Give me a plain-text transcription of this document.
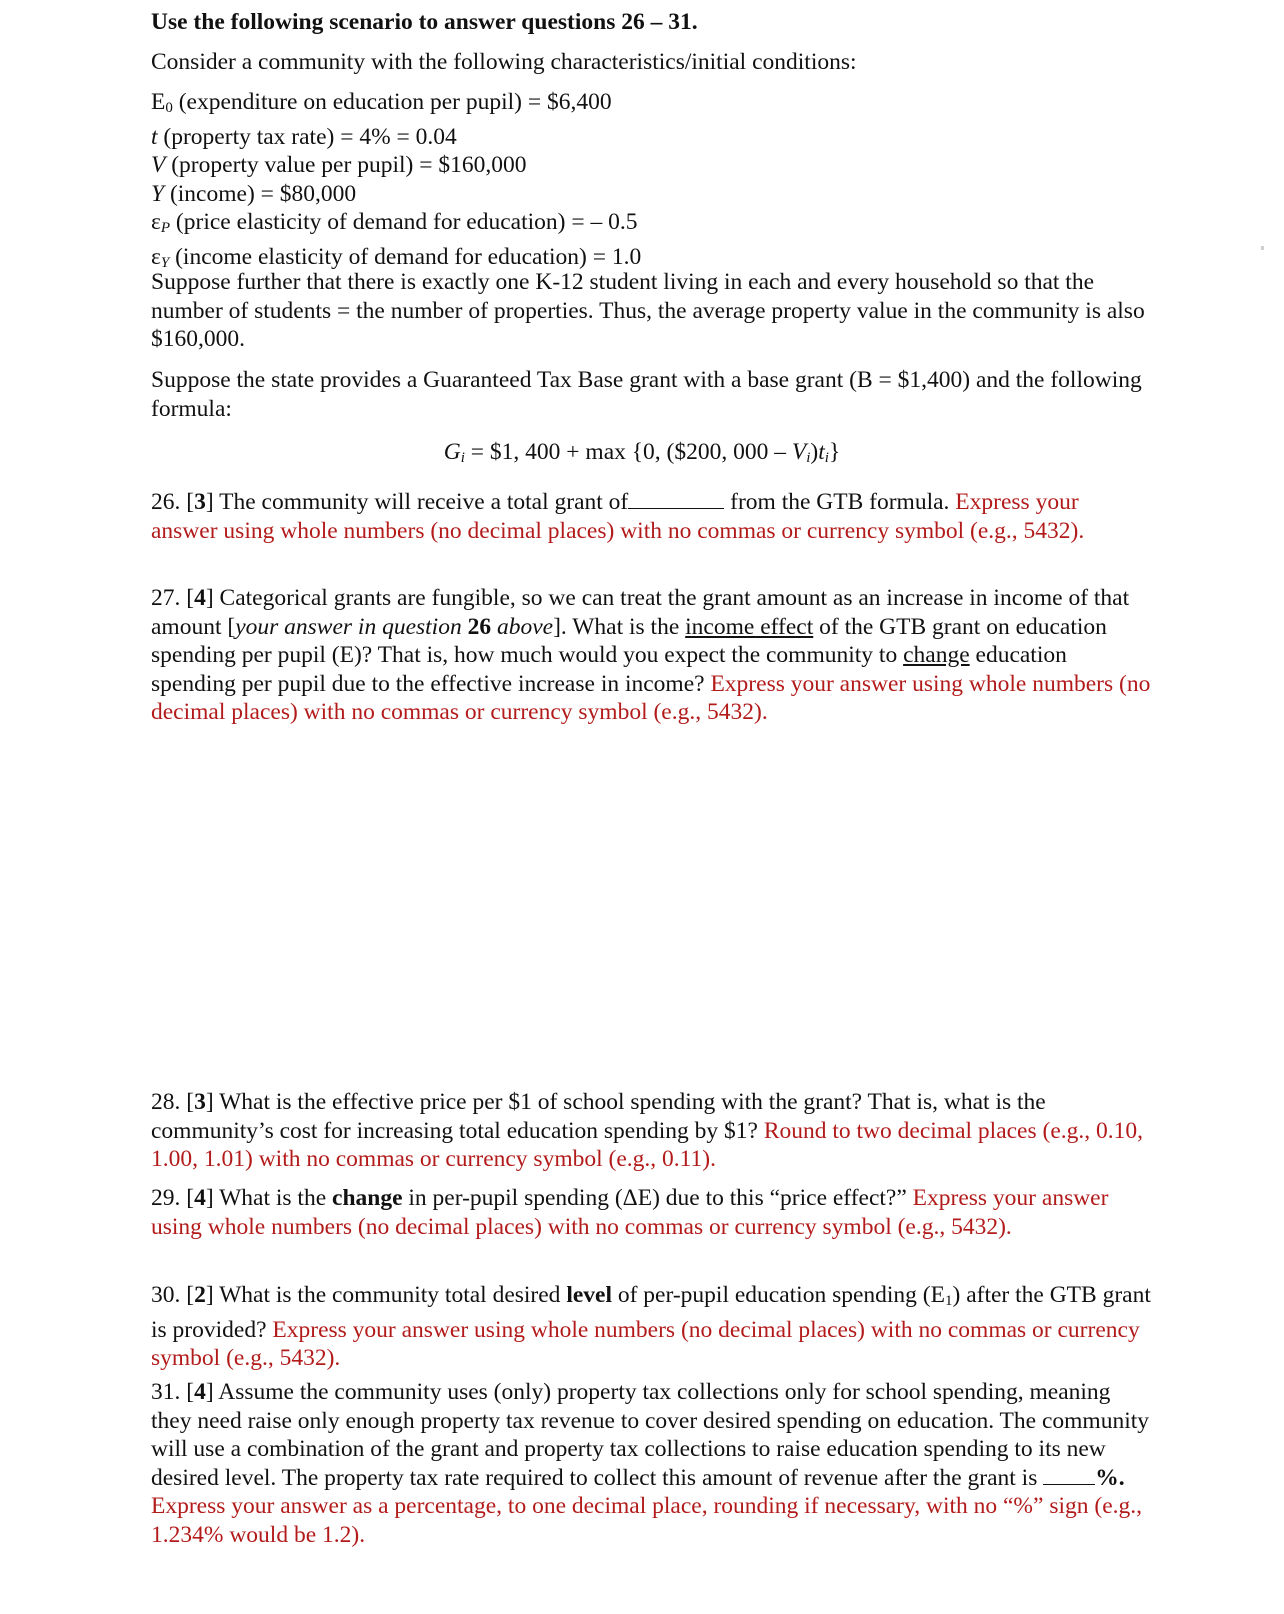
Use the following scenario to answer questions 26 – 31.

Consider a community with the following characteristics/initial conditions:

$E_0$ (expenditure on education per pupil) = $6,400
t (property tax rate) = 4% = 0.04
V (property value per pupil) = $160,000
Y (income) = $80,000
$\varepsilon_P$ (price elasticity of demand for education) = – 0.5
$\varepsilon_Y$ (income elasticity of demand for education) = 1.0

Suppose further that there is exactly one K-12 student living in each and every household so that the number of students = the number of properties. Thus, the average property value in the community is also $160,000.

Suppose the state provides a Guaranteed Tax Base grant with a base grant (B = $1,400) and the following formula:

$G_i$ = $1, 400 + max {0, ($200, $000 - V_i)t_i$}

26. [3] The community will receive a total grant of	from the GTB formula. Express your answer using whole numbers (no decimal places) with no commas or currency symbol (e.g., 5432).

27. [4] Categorical grants are fungible, so we can treat the grant amount as an increase in income of that amount [your answer in question 26 above]. What is the income effect of the GTB grant on education spending per pupil (E)? That is, how much would you expect the community to change education spending per pupil due to the effective increase in income? Express your answer using whole numbers (no decimal places) with no commas or currency symbol (e.g., 5432).

28. [3] What is the effective price per $1 of school spending with the grant? That is, what is the community’s cost for increasing total education spending by $1? Round to two decimal places (e.g., 0.10, 1.00, 1.01) with no commas or currency symbol (e.g., 0.11).

29. [4] What is the change in per-pupil spending (ΔE) due to this “price effect?” Express your answer using whole numbers (no decimal places) with no commas or currency symbol (e.g., 5432).

30. [2] What is the community total desired level of per-pupil education spending $(E_1)$ after the GTB grant is provided? Express your answer using whole numbers (no decimal places) with no commas or currency symbol (e.g., 5432).

31. [4] Assume the community uses (only) property tax collections only for school spending, meaning they need raise only enough property tax revenue to cover desired spending on education. The community will use a combination of the grant and property tax collections to raise education spending to its new desired level. The property tax rate required to collect this amount of revenue after the grant is %. Express your answer as a percentage, to one decimal place, rounding if necessary, with no “%” sign (e.g., 1.234% would be 1.2).
